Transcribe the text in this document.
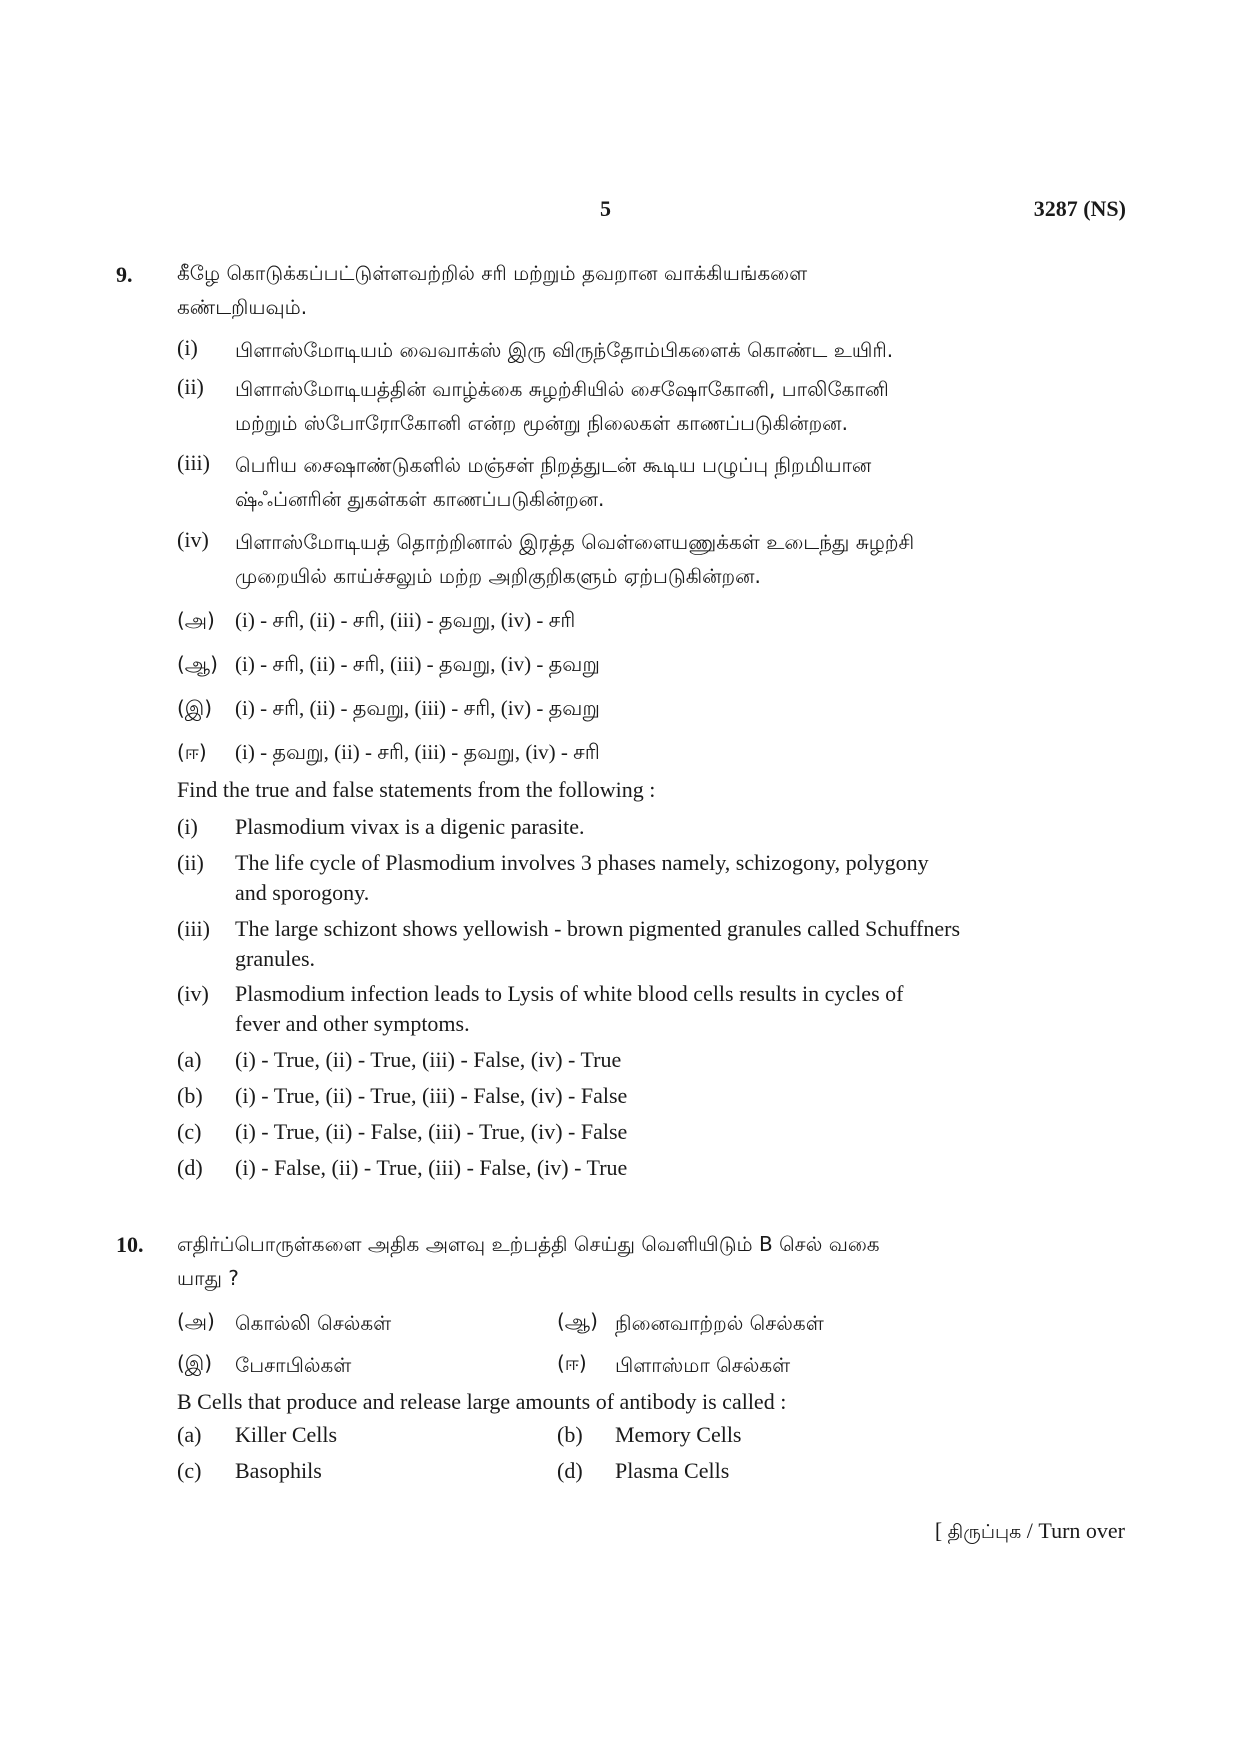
5	3287 (NS)
9. கீழே கொடுக்கப்பட்டுள்ளவற்றில் சரி மற்றும் தவறான வாக்கியங்களை
கண்டறியவும்.
(i)	பிளாஸ்மோடியம் வைவாக்ஸ் இரு விருந்தோம்பிகளைக் கொண்ட உயிரி.
(ii)	பிளாஸ்மோடியத்தின் வாழ்க்கை சுழற்சியில் சைஷோகோனி, பாலிகோனி
மற்றும் ஸ்போரோகோனி என்ற மூன்று நிலைகள் காணப்படுகின்றன.
(iii)	பெரிய சைஷாண்டுகளில் மஞ்சள் நிறத்துடன் கூடிய பழுப்பு நிறமியான
ஷ்ஃப்னரின் துகள்கள் காணப்படுகின்றன.
(iv)	பிளாஸ்மோடியத் தொற்றினால் இரத்த வெள்ளையணுக்கள் உடைந்து சுழற்சி
முறையில் காய்ச்சலும் மற்ற அறிகுறிகளும் ஏற்படுகின்றன.
(அ) (i) - சரி, (ii) - சரி, (iii) - தவறு, (iv) - சரி
(ஆ) (i) - சரி, (ii) - சரி, (iii) - தவறு, (iv) - தவறு
(இ) (i) - சரி, (ii) - தவறு, (iii) - சரி, (iv) - தவறு
(ஈ) (i) - தவறு, (ii) - சரி, (iii) - தவறு, (iv) - சரி
Find the true and false statements from the following :
(i)	Plasmodium vivax is a digenic parasite.
(ii)	The life cycle of Plasmodium involves 3 phases namely, schizogony, polygony
and sporogony.
(iii)	The large schizont shows yellowish - brown pigmented granules called Schuffners
granules.
(iv)	Plasmodium infection leads to Lysis of white blood cells results in cycles of
fever and other symptoms.
(a)	(i) - True, (ii) - True, (iii) - False, (iv) - True
(b)	(i) - True, (ii) - True, (iii) - False, (iv) - False
(c)	(i) - True, (ii) - False, (iii) - True, (iv) - False
(d)	(i) - False, (ii) - True, (iii) - False, (iv) - True
10. எதிர்ப்பொருள்களை அதிக அளவு உற்பத்தி செய்து வெளியிடும் B செல் வகை
யாது ?
(அ)	கொல்லி செல்கள்	(ஆ) நினைவாற்றல் செல்கள்
(இ)	பேசாபில்கள்	(ஈ)	பிளாஸ்மா செல்கள்
B Cells that produce and release large amounts of antibody is called :
(a)	Killer Cells	(b)	Memory Cells
(c)	Basophils	(d)	Plasma Cells
[ திருப்புக / Turn over
